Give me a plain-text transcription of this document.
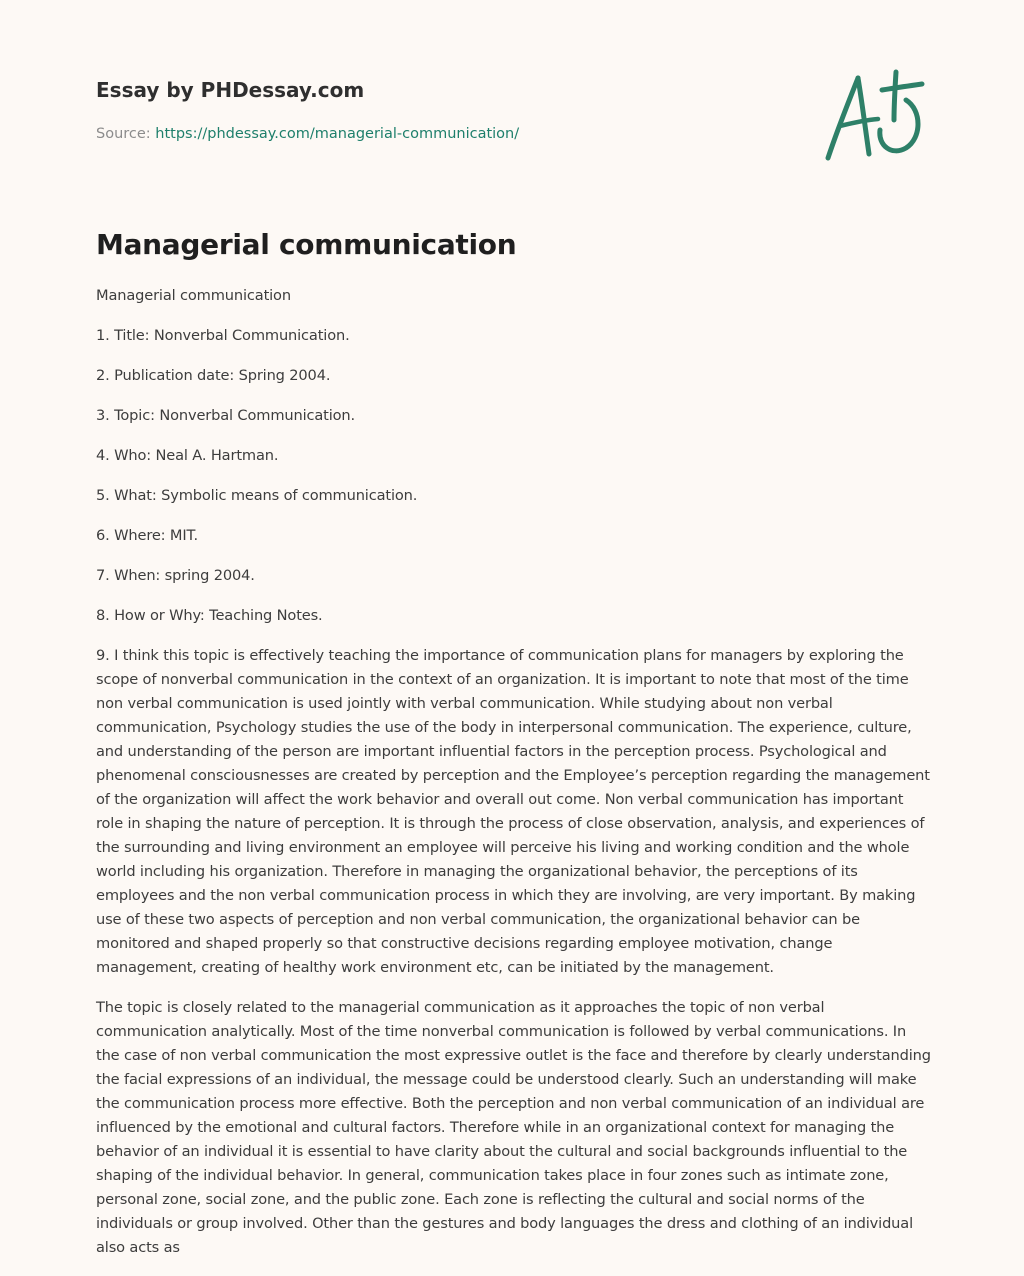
Essay by PHDessay.com
Source: https://phdessay.com/managerial-communication/
Managerial communication

Managerial communication

1. Title: Nonverbal Communication.

2. Publication date: Spring 2004.

3. Topic: Nonverbal Communication.

4. Who: Neal A. Hartman.

5. What: Symbolic means of communication.

6. Where: MIT.

7. When: spring 2004.

8. How or Why: Teaching Notes.

9. I think this topic is effectively teaching the importance of communication plans for managers by exploring the scope of nonverbal communication in the context of an organization. It is important to note that most of the time non verbal communication is used jointly with verbal communication. While studying about non verbal communication, Psychology studies the use of the body in interpersonal communication. The experience, culture, and understanding of the person are important influential factors in the perception process. Psychological and phenomenal consciousnesses are created by perception and the Employee’s perception regarding the management of the organization will affect the work behavior and overall out come. Non verbal communication has important role in shaping the nature of perception. It is through the process of close observation, analysis, and experiences of the surrounding and living environment an employee will perceive his living and working condition and the whole world including his organization. Therefore in managing the organizational behavior, the perceptions of its employees and the non verbal communication process in which they are involving, are very important. By making use of these two aspects of perception and non verbal communication, the organizational behavior can be monitored and shaped properly so that constructive decisions regarding employee motivation, change management, creating of healthy work environment etc, can be initiated by the management.

The topic is closely related to the managerial communication as it approaches the topic of non verbal communication analytically. Most of the time nonverbal communication is followed by verbal communications. In the case of non verbal communication the most expressive outlet is the face and therefore by clearly understanding the facial expressions of an individual, the message could be understood clearly. Such an understanding will make the communication process more effective. Both the perception and non verbal communication of an individual are influenced by the emotional and cultural factors. Therefore while in an organizational context for managing the behavior of an individual it is essential to have clarity about the cultural and social backgrounds influential to the shaping of the individual behavior. In general, communication takes place in four zones such as intimate zone, personal zone, social zone, and the public zone. Each zone is reflecting the cultural and social norms of the individuals or group involved. Other than the gestures and body languages the dress and clothing of an individual also acts as
